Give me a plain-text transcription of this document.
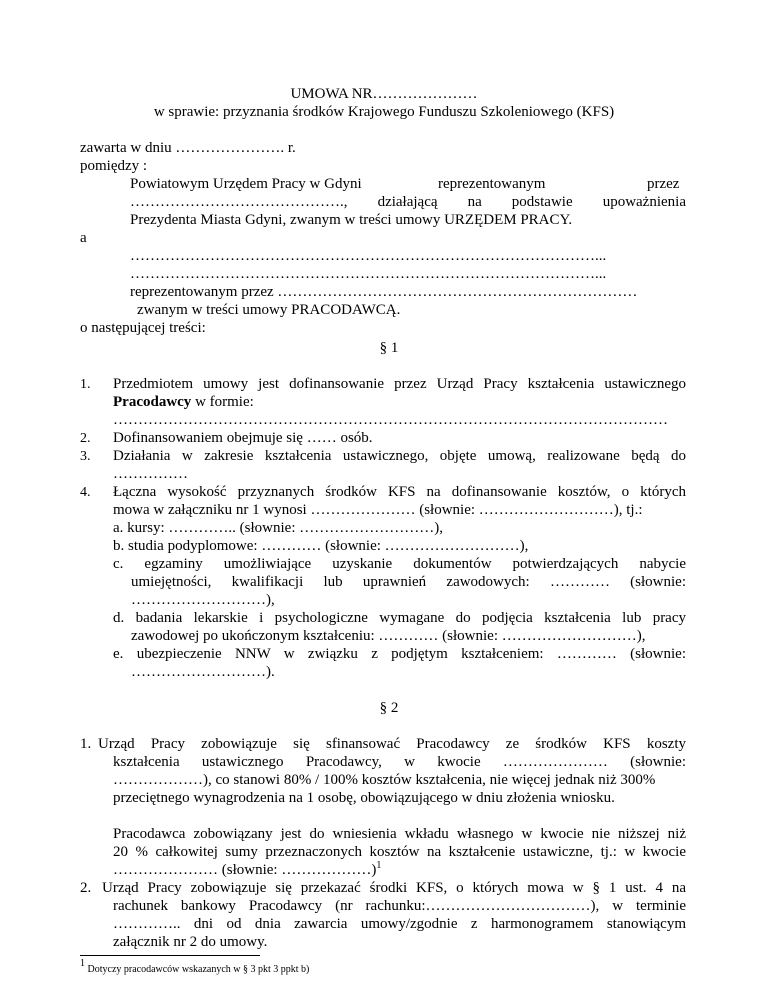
UMOWA NR…………………
w sprawie: przyznania środków Krajowego Funduszu Szkoleniowego (KFS)
zawarta w dniu …………………. r.
pomiędzy :
Powiatowym Urzędem Pracy w Gdyni	reprezentowanym	przez
……………………………………., działającą na podstawie upoważnienia
Prezydenta Miasta Gdyni, zwanym w treści umowy URZĘDEM PRACY.
a
…………………………………………………………………………………...
…………………………………………………………………………………...
reprezentowanym przez ………………………………………………………………
zwanym w treści umowy PRACODAWCĄ.
o następującej treści:
§ 1
1. Przedmiotem umowy jest dofinansowanie przez Urząd Pracy kształcenia ustawicznego
Pracodawcy w formie:
…………………………………………………………………………………………………
2. Dofinansowaniem obejmuje się …… osób.
3. Działania w zakresie kształcenia ustawicznego, objęte umową, realizowane będą do
……………
4. Łączna wysokość przyznanych środków KFS na dofinansowanie kosztów, o których
mowa w załączniku nr 1 wynosi ………………… (słownie: ………………………), tj.:
a. kursy: ………….. (słownie: ………………………),
b. studia podyplomowe: ………… (słownie: ………………………),
c. egzaminy umożliwiające uzyskanie dokumentów potwierdzających nabycie
umiejętności, kwalifikacji lub uprawnień zawodowych: ………… (słownie:
………………………),
d. badania lekarskie i psychologiczne wymagane do podjęcia kształcenia lub pracy
zawodowej po ukończonym kształceniu: ………… (słownie: ………………………),
e. ubezpieczenie NNW w związku z podjętym kształceniem: ………… (słownie:
………………………).
§ 2
1. Urząd Pracy zobowiązuje się sfinansować Pracodawcy ze środków KFS koszty
kształcenia ustawicznego Pracodawcy, w kwocie ………………… (słownie:
………………), co stanowi 80% / 100% kosztów kształcenia, nie więcej jednak niż 300%
przeciętnego wynagrodzenia na 1 osobę, obowiązującego w dniu złożenia wniosku.
Pracodawca zobowiązany jest do wniesienia wkładu własnego w kwocie nie niższej niż
20 % całkowitej sumy przeznaczonych kosztów na kształcenie ustawiczne, tj.: w kwocie
………………… (słownie: ………………)$^1$
2. Urząd Pracy zobowiązuje się przekazać środki KFS, o których mowa w § 1 ust. 4 na
rachunek bankowy Pracodawcy (nr rachunku:……………………………), w terminie
………….. dni od dnia zawarcia umowy/zgodnie z harmonogramem stanowiącym
załącznik nr 2 do umowy.
$^1$ Dotyczy pracodawców wskazanych w § 3 pkt 3 ppkt b)
